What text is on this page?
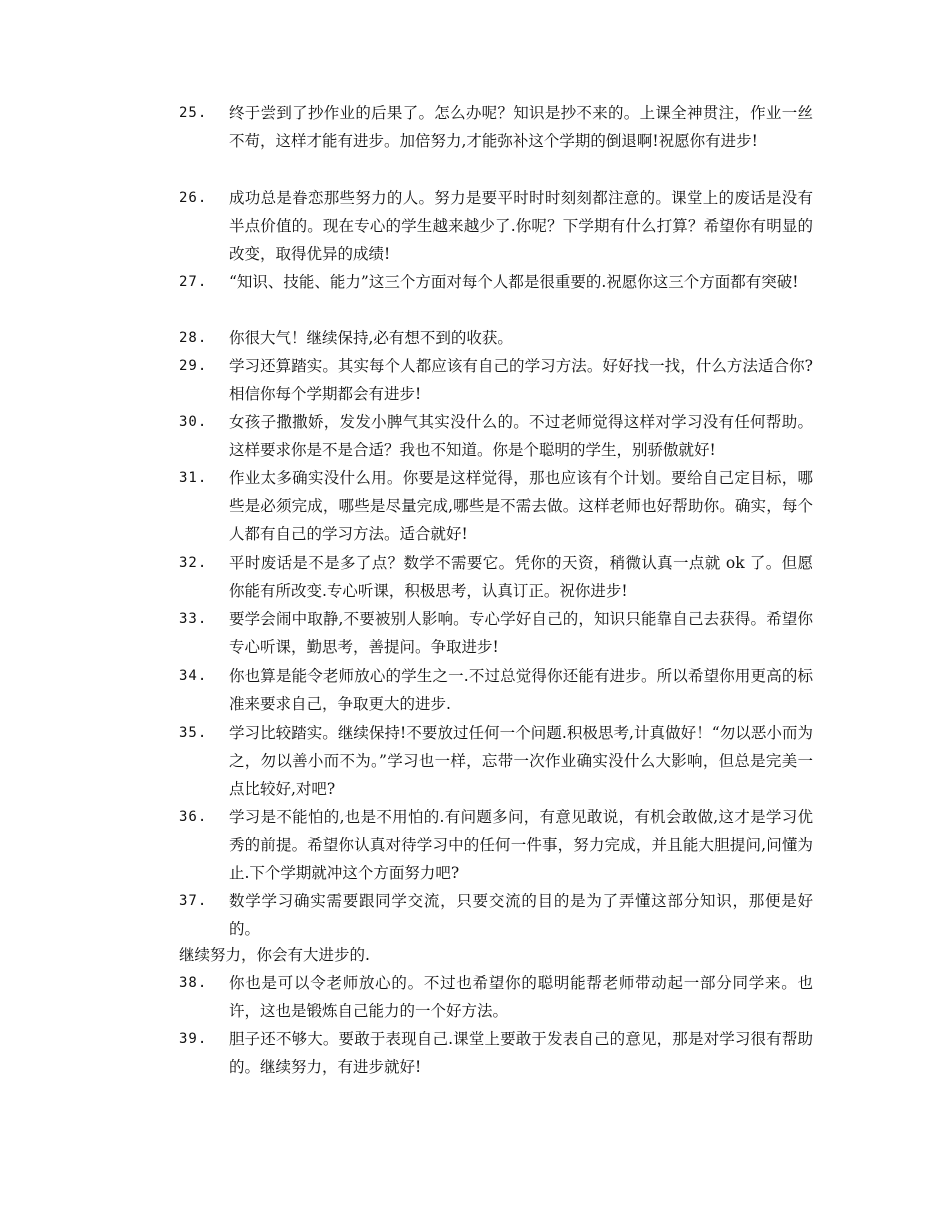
25. 终于尝到了抄作业的后果了。怎么办呢？知识是抄不来的。上课全神贯注，作业一丝不苟，这样才能有进步。加倍努力,才能弥补这个学期的倒退啊!祝愿你有进步!
26. 成功总是眷恋那些努力的人。努力是要平时时时刻刻都注意的。课堂上的废话是没有半点价值的。现在专心的学生越来越少了.你呢？下学期有什么打算？希望你有明显的改变，取得优异的成绩!
27. “知识、技能、能力”这三个方面对每个人都是很重要的.祝愿你这三个方面都有突破!
28. 你很大气！继续保持,必有想不到的收获。
29. 学习还算踏实。其实每个人都应该有自己的学习方法。好好找一找，什么方法适合你?相信你每个学期都会有进步!
30. 女孩子撒撒娇，发发小脾气其实没什么的。不过老师觉得这样对学习没有任何帮助。这样要求你是不是合适？我也不知道。你是个聪明的学生，别骄傲就好!
31. 作业太多确实没什么用。你要是这样觉得，那也应该有个计划。要给自己定目标，哪些是必须完成，哪些是尽量完成,哪些是不需去做。这样老师也好帮助你。确实，每个人都有自己的学习方法。适合就好!
32. 平时废话是不是多了点？数学不需要它。凭你的天资，稍微认真一点就 ok 了。但愿你能有所改变.专心听课，积极思考，认真订正。祝你进步!
33. 要学会闹中取静,不要被别人影响。专心学好自己的，知识只能靠自己去获得。希望你专心听课，勤思考，善提问。争取进步!
34. 你也算是能令老师放心的学生之一.不过总觉得你还能有进步。所以希望你用更高的标准来要求自己，争取更大的进步.
35. 学习比较踏实。继续保持!不要放过任何一个问题.积极思考,计真做好！“勿以恶小而为之，勿以善小而不为。”学习也一样，忘带一次作业确实没什么大影响，但总是完美一点比较好,对吧?
36. 学习是不能怕的,也是不用怕的.有问题多问，有意见敢说，有机会敢做,这才是学习优秀的前提。希望你认真对待学习中的任何一件事，努力完成，并且能大胆提问,问懂为止.下个学期就冲这个方面努力吧?
37. 数学学习确实需要跟同学交流，只要交流的目的是为了弄懂这部分知识，那便是好的。
继续努力，你会有大进步的.
38. 你也是可以令老师放心的。不过也希望你的聪明能帮老师带动起一部分同学来。也许，这也是锻炼自己能力的一个好方法。
39. 胆子还不够大。要敢于表现自己.课堂上要敢于发表自己的意见，那是对学习很有帮助的。继续努力，有进步就好!
